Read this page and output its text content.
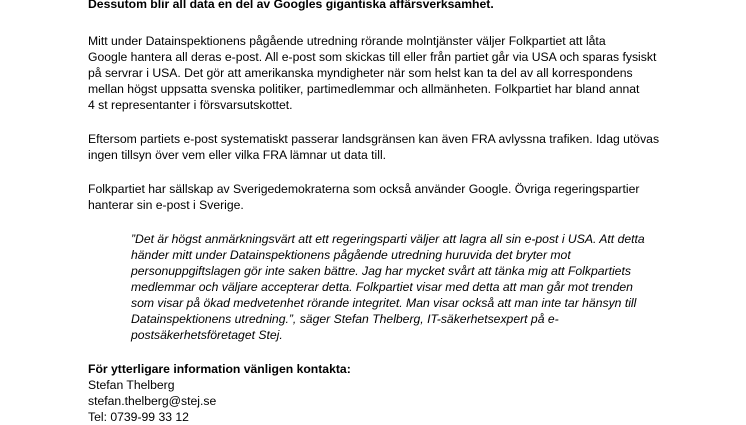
Dessutom blir all data en del av Googles gigantiska affärsverksamhet.
Mitt under Datainspektionens pågående utredning rörande molntjänster väljer Folkpartiet att låta
Google hantera all deras e-post. All e-post som skickas till eller från partiet går via USA och sparas fysiskt
på servrar i USA. Det gör att amerikanska myndigheter när som helst kan ta del av all korrespondens
mellan högst uppsatta svenska politiker, partimedlemmar och allmänheten. Folkpartiet har bland annat
4 st representanter i försvarsutskottet.
Eftersom partiets e-post systematiskt passerar landsgränsen kan även FRA avlyssna trafiken. Idag utövas
ingen tillsyn över vem eller vilka FRA lämnar ut data till.
Folkpartiet har sällskap av Sverigedemokraterna som också använder Google. Övriga regeringspartier
hanterar sin e-post i Sverige.
”Det är högst anmärkningsvärt att ett regeringsparti väljer att lagra all sin e-post i USA. Att detta
händer mitt under Datainspektionens pågående utredning huruvida det bryter mot
personuppgiftslagen gör inte saken bättre. Jag har mycket svårt att tänka mig att Folkpartiets
medlemmar och väljare accepterar detta. Folkpartiet visar med detta att man går mot trenden
som visar på ökad medvetenhet rörande integritet. Man visar också att man inte tar hänsyn till
Datainspektionens utredning.”, säger Stefan Thelberg, IT-säkerhetsexpert på e-
postsäkerhetsföretaget Stej.
För ytterligare information vänligen kontakta:
Stefan Thelberg
stefan.thelberg@stej.se
Tel: 0739-99 33 12
